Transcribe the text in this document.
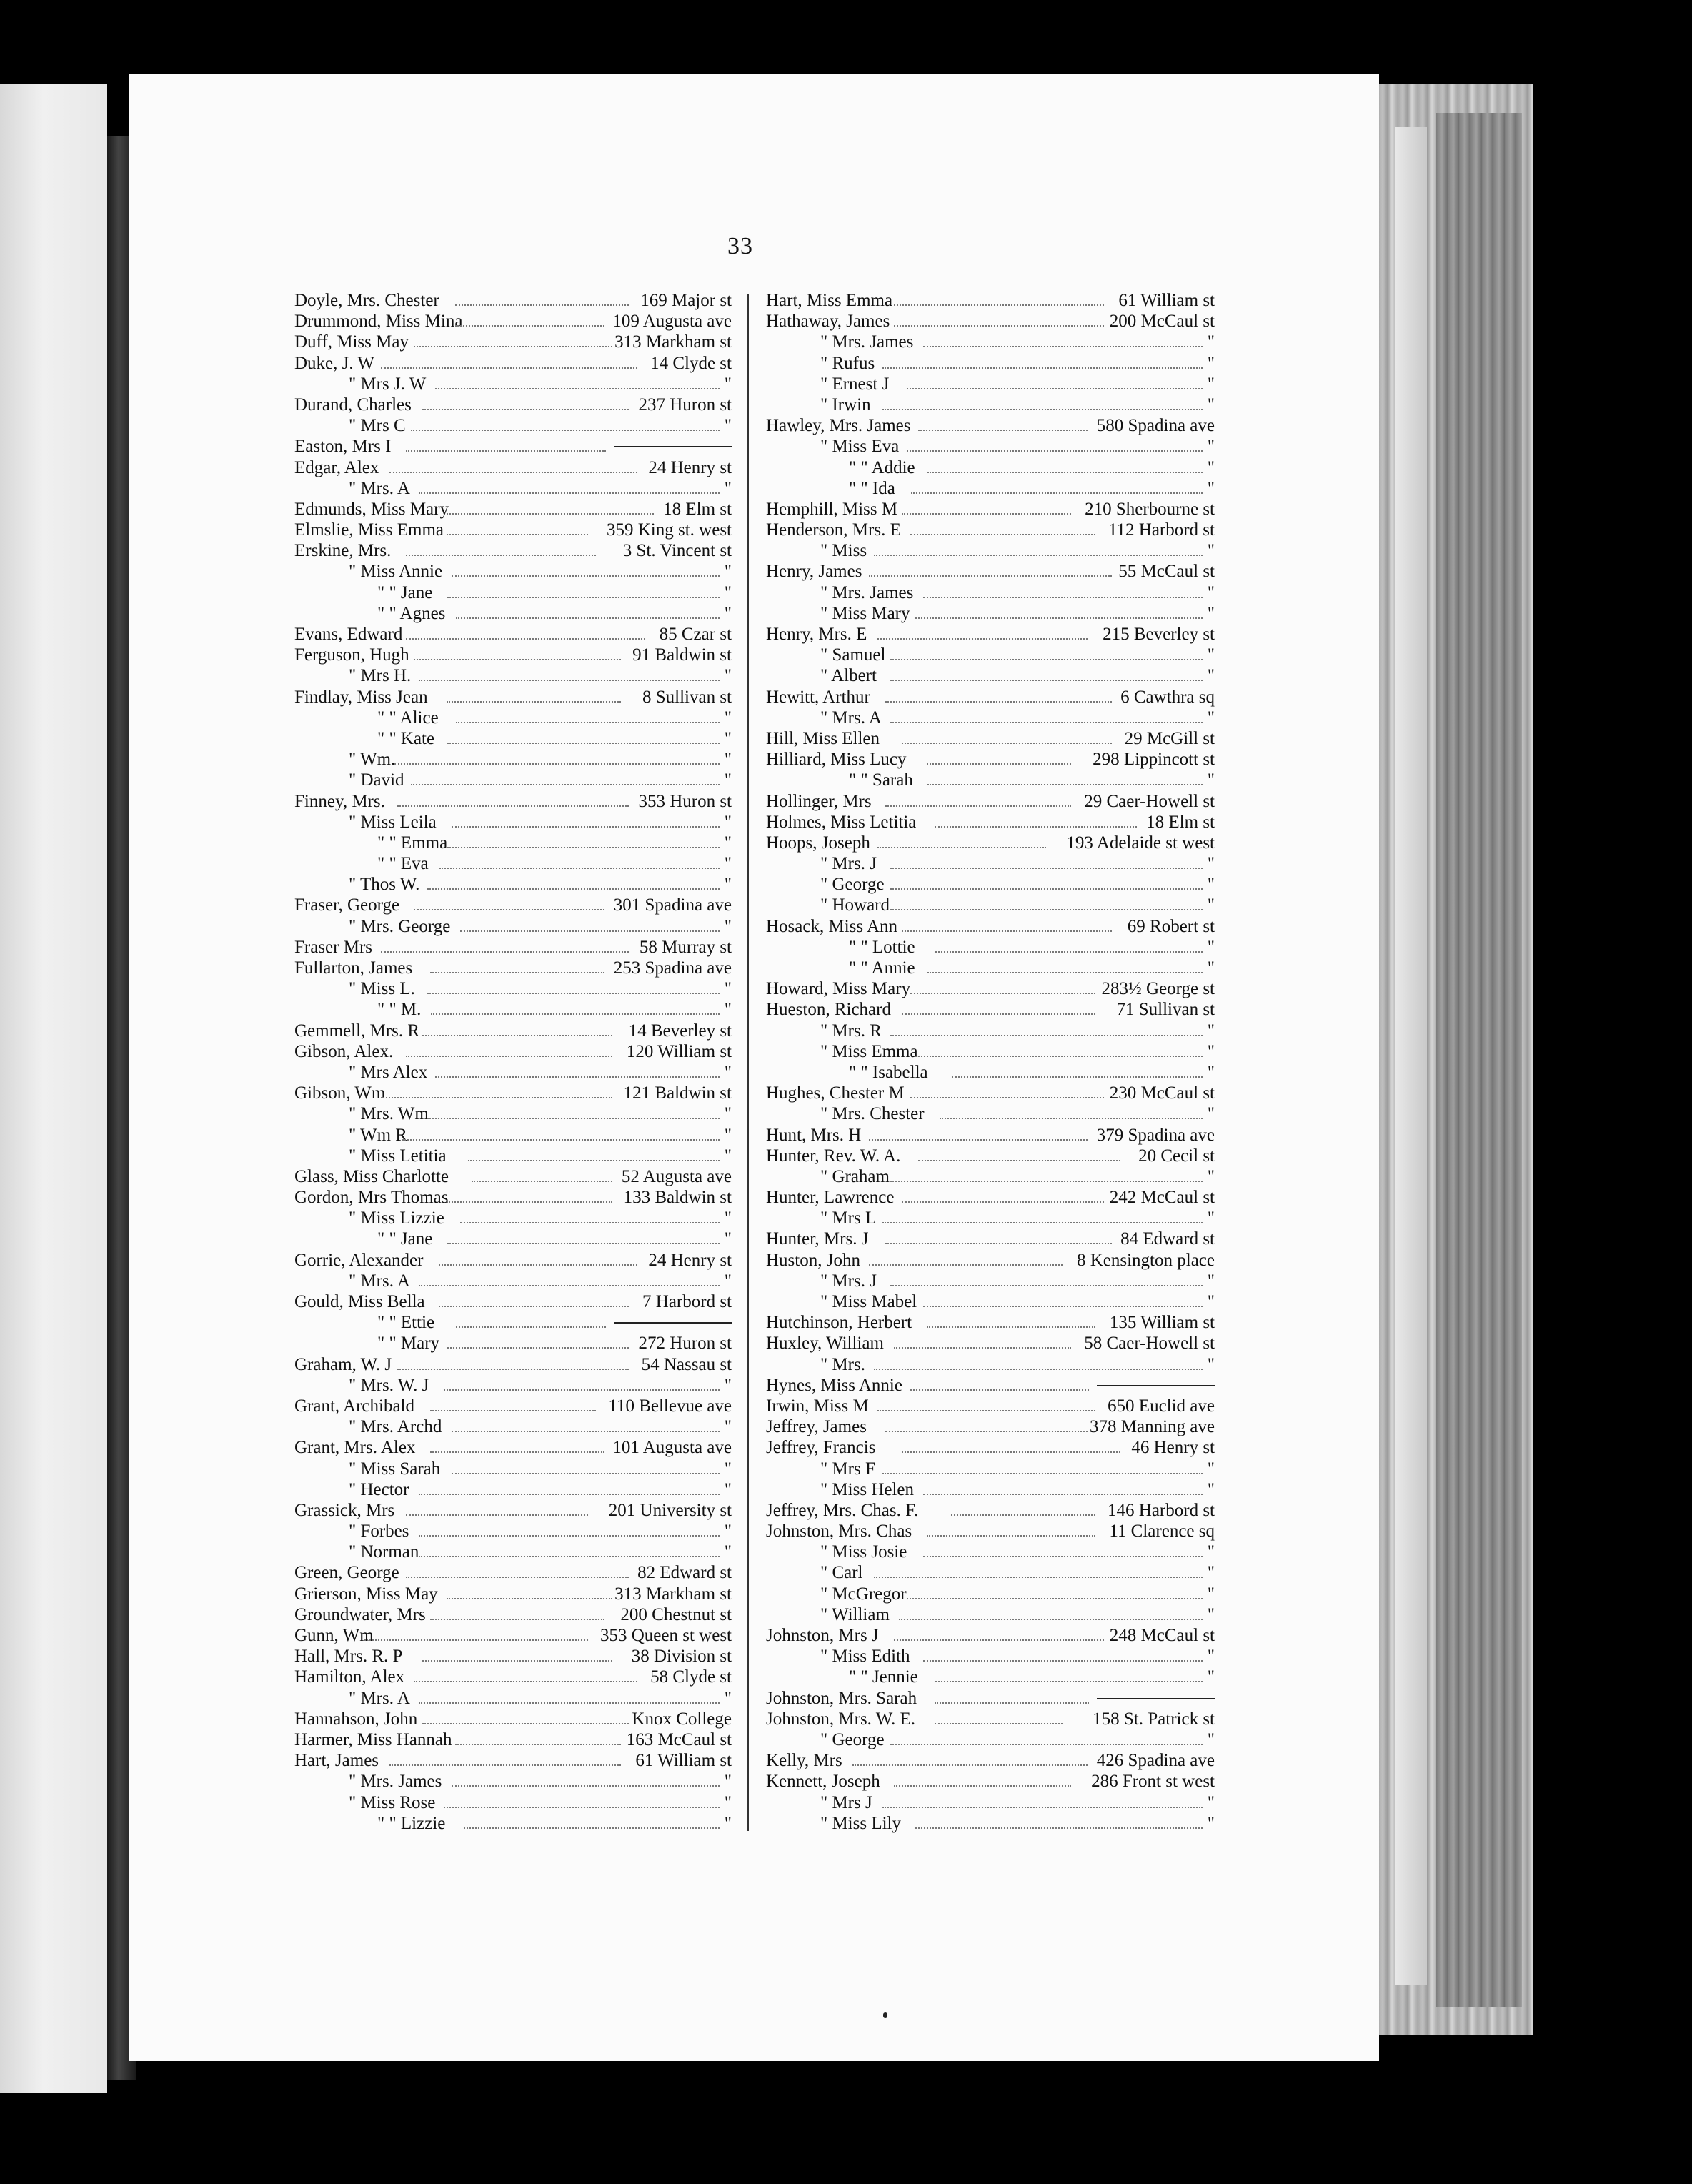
33
Doyle, Mrs. Chester	169 Major st
Drummond, Miss Mina	109 Augusta ave
Duff, Miss May	313 Markham st
Duke, J. W	14 Clyde st
" Mrs J. W	"
Durand, Charles	237 Huron st
" Mrs C	"
Easton, Mrs I
Edgar, Alex	24 Henry st
" Mrs. A	"
Edmunds, Miss Mary	18 Elm st
Elmslie, Miss Emma	359 King st. west
Erskine, Mrs.	3 St. Vincent st
" Miss Annie	"
" " Jane	"
" " Agnes	"
Evans, Edward	85 Czar st
Ferguson, Hugh	91 Baldwin st
" Mrs H.	"
Findlay, Miss Jean	8 Sullivan st
" " Alice	"
" " Kate	"
" Wm.	"
" David	"
Finney, Mrs.	353 Huron st
" Miss Leila	"
" " Emma	"
" " Eva	"
" Thos W.	"
Fraser, George	301 Spadina ave
" Mrs. George	"
Fraser Mrs	58 Murray st
Fullarton, James	253 Spadina ave
" Miss L.	"
" " M.	"
Gemmell, Mrs. R	14 Beverley st
Gibson, Alex.	120 William st
" Mrs Alex	"
Gibson, Wm	121 Baldwin st
" Mrs. Wm	"
" Wm R	"
" Miss Letitia	"
Glass, Miss Charlotte	52 Augusta ave
Gordon, Mrs Thomas	133 Baldwin st
" Miss Lizzie	"
" " Jane	"
Gorrie, Alexander	24 Henry st
" Mrs. A	"
Gould, Miss Bella	7 Harbord st
" " Ettie
" " Mary	272 Huron st
Graham, W. J	54 Nassau st
" Mrs. W. J	"
Grant, Archibald	110 Bellevue ave
" Mrs. Archd	"
Grant, Mrs. Alex	101 Augusta ave
" Miss Sarah	"
" Hector	"
Grassick, Mrs	201 University st
" Forbes	"
" Norman	"
Green, George	82 Edward st
Grierson, Miss May	313 Markham st
Groundwater, Mrs	200 Chestnut st
Gunn, Wm	353 Queen st west
Hall, Mrs. R. P	38 Division st
Hamilton, Alex	58 Clyde st
" Mrs. A	"
Hannahson, John	Knox College
Harmer, Miss Hannah	163 McCaul st
Hart, James	61 William st
" Mrs. James	"
" Miss Rose	"
" " Lizzie	"
Hart, Miss Emma	61 William st
Hathaway, James	200 McCaul st
" Mrs. James	"
" Rufus	"
" Ernest J	"
" Irwin	"
Hawley, Mrs. James	580 Spadina ave
" Miss Eva	"
" " Addie	"
" " Ida	"
Hemphill, Miss M	210 Sherbourne st
Henderson, Mrs. E	112 Harbord st
" Miss	"
Henry, James	55 McCaul st
" Mrs. James	"
" Miss Mary	"
Henry, Mrs. E	215 Beverley st
" Samuel	"
" Albert	"
Hewitt, Arthur	6 Cawthra sq
" Mrs. A	"
Hill, Miss Ellen	29 McGill st
Hilliard, Miss Lucy	298 Lippincott st
" " Sarah	"
Hollinger, Mrs	29 Caer-Howell st
Holmes, Miss Letitia	18 Elm st
Hoops, Joseph	193 Adelaide st west
" Mrs. J	"
" George	"
" Howard	"
Hosack, Miss Ann	69 Robert st
" " Lottie	"
" " Annie	"
Howard, Miss Mary	283½ George st
Hueston, Richard	71 Sullivan st
" Mrs. R	"
" Miss Emma	"
" " Isabella	"
Hughes, Chester M	230 McCaul st
" Mrs. Chester	"
Hunt, Mrs. H	379 Spadina ave
Hunter, Rev. W. A.	20 Cecil st
" Graham	"
Hunter, Lawrence	242 McCaul st
" Mrs L	"
Hunter, Mrs. J	84 Edward st
Huston, John	8 Kensington place
" Mrs. J	"
" Miss Mabel	"
Hutchinson, Herbert	135 William st
Huxley, William	58 Caer-Howell st
" Mrs.	"
Hynes, Miss Annie
Irwin, Miss M	650 Euclid ave
Jeffrey, James	378 Manning ave
Jeffrey, Francis	46 Henry st
" Mrs F	"
" Miss Helen	"
Jeffrey, Mrs. Chas. F.	146 Harbord st
Johnston, Mrs. Chas	11 Clarence sq
" Miss Josie	"
" Carl	"
" McGregor	"
" William	"
Johnston, Mrs J	248 McCaul st
" Miss Edith	"
" " Jennie	"
Johnston, Mrs. Sarah
Johnston, Mrs. W. E.	158 St. Patrick st
" George	"
Kelly, Mrs	426 Spadina ave
Kennett, Joseph	286 Front st west
" Mrs J	"
" Miss Lily	"
